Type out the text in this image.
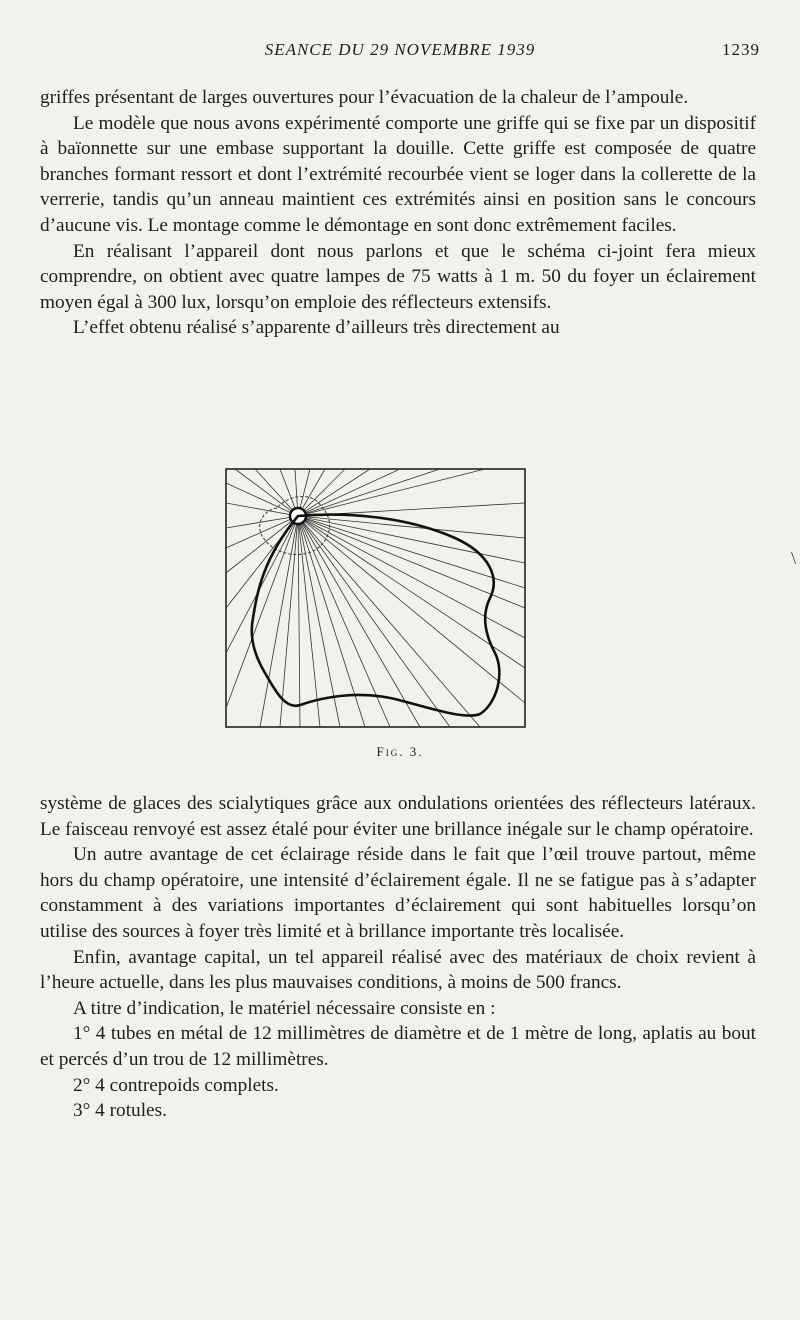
SEANCE DU 29 NOVEMBRE 1939	1239

griffes présentant de larges ouvertures pour l’évacuation de la chaleur de l’ampoule.

Le modèle que nous avons expérimenté comporte une griffe qui se fixe par un dispositif à baïonnette sur une embase supportant la douille. Cette griffe est composée de quatre branches formant ressort et dont l’extrémité recourbée vient se loger dans la collerette de la verrerie, tandis qu’un anneau maintient ces extrémités ainsi en position sans le concours d’aucune vis. Le montage comme le démontage en sont donc extrêmement faciles.

En réalisant l’appareil dont nous parlons et que le schéma ci-joint fera mieux comprendre, on obtient avec quatre lampes de 75 watts à 1 m. 50 du foyer un éclairement moyen égal à 300 lux, lorsqu’on emploie des réflecteurs extensifs.

L’effet obtenu réalisé s’apparente d’ailleurs très directement au

Fig. 3.
\

système de glaces des scialytiques grâce aux ondulations orientées des réflecteurs latéraux. Le faisceau renvoyé est assez étalé pour éviter une brillance inégale sur le champ opératoire.

Un autre avantage de cet éclairage réside dans le fait que l’œil trouve partout, même hors du champ opératoire, une intensité d’éclairement égale. Il ne se fatigue pas à s’adapter constamment à des variations importantes d’éclairement qui sont habituelles lorsqu’on utilise des sources à foyer très limité et à brillance importante très localisée.

Enfin, avantage capital, un tel appareil réalisé avec des matériaux de choix revient à l’heure actuelle, dans les plus mauvaises conditions, à moins de 500 francs.

A titre d’indication, le matériel nécessaire consiste en :

1° 4 tubes en métal de 12 millimètres de diamètre et de 1 mètre de long, aplatis au bout et percés d’un trou de 12 millimètres.

2° 4 contrepoids complets.

3° 4 rotules.
